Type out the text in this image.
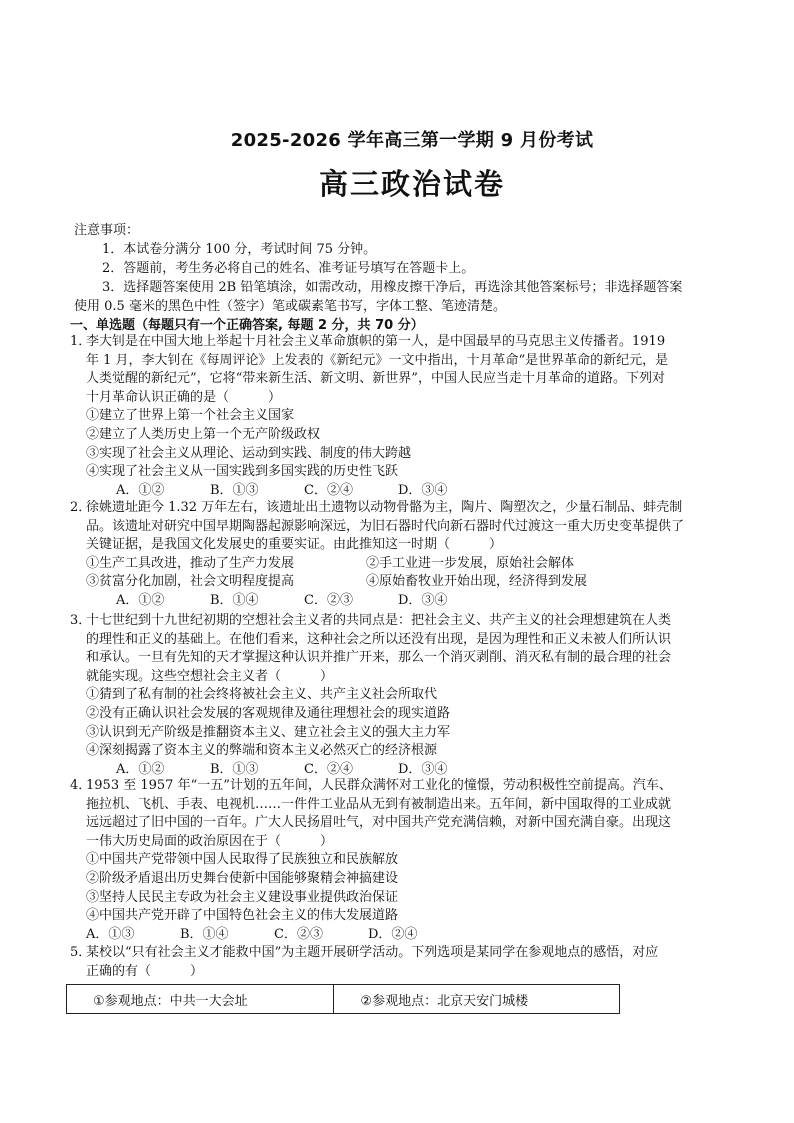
2025-2026 学年高三第一学期 9 月份考试
高三政治试卷
注意事项：
1．本试卷分满分 100 分，考试时间 75 分钟。
2．答题前，考生务必将自己的姓名、准考证号填写在答题卡上。
3．选择题答案使用 2B 铅笔填涂，如需改动，用橡皮擦干净后，再选涂其他答案标号；非选择题答案
使用 0.5 毫米的黑色中性（签字）笔或碳素笔书写，字体工整、笔迹清楚。
一、单选题（每题只有一个正确答案, 每题 2 分，共 70 分）
1．
李大钊是在中国大地上举起十月社会主义革命旗帜的第一人，是中国最早的马克思主义传播者。1919
年 1 月，李大钊在《每周评论》上发表的《新纪元》一文中指出，十月革命“是世界革命的新纪元，是
人类觉醒的新纪元”，它将“带来新生活、新文明、新世界”，中国人民应当走十月革命的道路。下列对
十月革命认识正确的是（　　　）
①建立了世界上第一个社会主义国家
②建立了人类历史上第一个无产阶级政权
③实现了社会主义从理论、运动到实践、制度的伟大跨越
④实现了社会主义从一国实践到多国实践的历史性飞跃
A．①②	B．①③	C．②④	D．③④
2．
徐姚遗址距今 1.32 万年左右，该遗址出土遗物以动物骨骼为主，陶片、陶塑次之，少量石制品、蚌壳制
品。该遗址对研究中国早期陶器起源影响深远，为旧石器时代向新石器时代过渡这一重大历史变革提供了
关键证据，是我国文化发展史的重要实证。由此推知这一时期（　　　）
①生产工具改进，推动了生产力发展	②手工业进一步发展，原始社会解体
③贫富分化加剧，社会文明程度提高	④原始畜牧业开始出现，经济得到发展
A．①②	B．①④	C．②③	D．③④
3．
十七世纪到十九世纪初期的空想社会主义者的共同点是：把社会主义、共产主义的社会理想建筑在人类
的理性和正义的基础上。在他们看来，这种社会之所以还没有出现，是因为理性和正义未被人们所认识
和承认。一旦有先知的天才掌握这种认识并推广开来，那么一个消灭剥削、消灭私有制的最合理的社会
就能实现。这些空想社会主义者（　　　）
①猜到了私有制的社会终将被社会主义、共产主义社会所取代
②没有正确认识社会发展的客观规律及通往理想社会的现实道路
③认识到无产阶级是推翻资本主义、建立社会主义的强大主力军
④深刻揭露了资本主义的弊端和资本主义必然灭亡的经济根源
A．①②	B．①③	C．②④	D．③④
4．
1953 至 1957 年“一五”计划的五年间，人民群众满怀对工业化的憧憬，劳动积极性空前提高。汽车、
拖拉机、飞机、手表、电视机……一件件工业品从无到有被制造出来。五年间，新中国取得的工业成就
远远超过了旧中国的一百年。广大人民扬眉吐气，对中国共产党充满信赖，对新中国充满自豪。出现这
一伟大历史局面的政治原因在于（　　　）
①中国共产党带领中国人民取得了民族独立和民族解放
②阶级矛盾退出历史舞台使新中国能够聚精会神搞建设
③坚持人民民主专政为社会主义建设事业提供政治保证
④中国共产党开辟了中国特色社会主义的伟大发展道路
A．①③	B．①④	C．②③	D．②④
5．
某校以“只有社会主义才能救中国”为主题开展研学活动。下列选项是某同学在参观地点的感悟，对应
正确的有（　　　）
①参观地点：中共一大会址	②参观地点：北京天安门城楼
